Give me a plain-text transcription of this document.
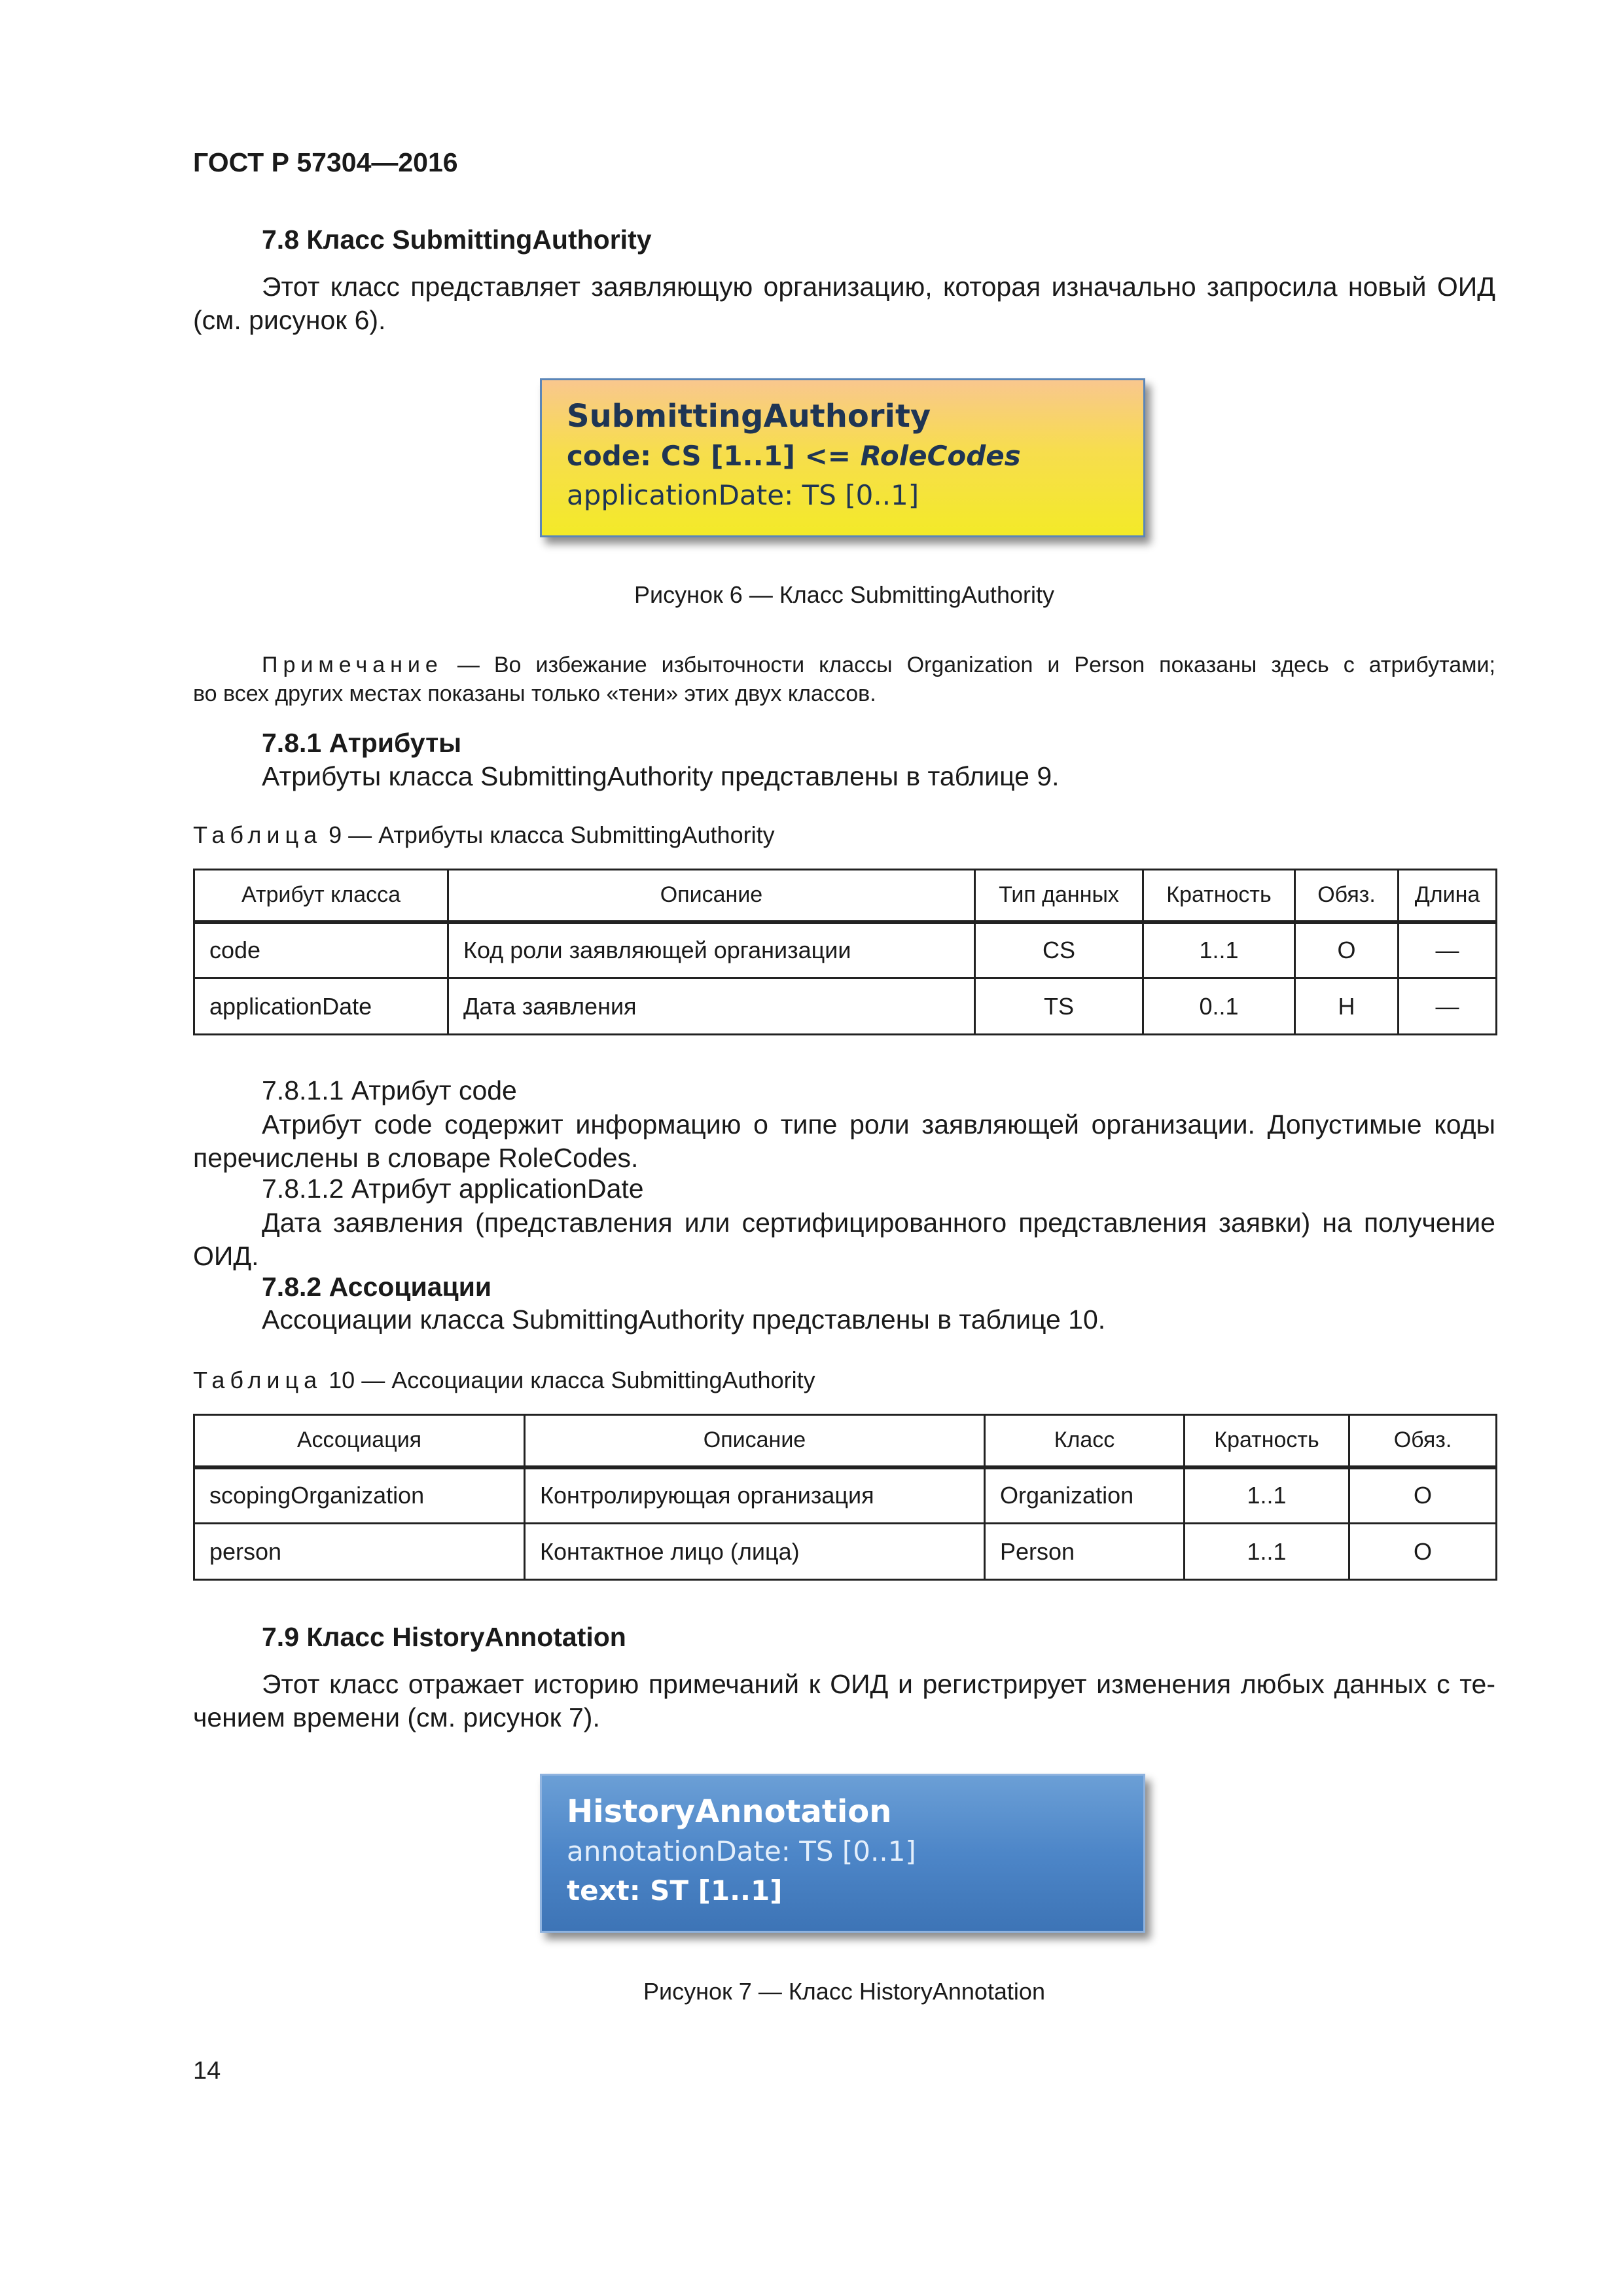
ГОСТ Р 57304—2016
7.8 Класс SubmittingAuthority
Этот класс представляет заявляющую организацию, которая изначально запросила новый ОИД
(см. рисунок 6).
SubmittingAuthority
code: CS [1..1] <= RoleCodes
applicationDate: TS [0..1]
Рисунок 6 — Класс SubmittingAuthority
Примечание — Во избежание избыточности классы Organization и Person показаны здесь с атрибутами;
во всех других местах показаны только «тени» этих двух классов.
7.8.1 Атрибуты
Атрибуты класса SubmittingAuthority представлены в таблице 9.
Таблица 9 — Атрибуты класса SubmittingAuthority
Атрибут класса	Описание	Тип данных	Кратность	Обяз.	Длина
code	Код роли заявляющей организации	CS	1..1	О	—
applicationDate	Дата заявления	TS	0..1	Н	—
7.8.1.1 Атрибут code
Атрибут code содержит информацию о типе роли заявляющей организации. Допустимые коды
перечислены в словаре RoleCodes.
7.8.1.2 Атрибут applicationDate
Дата заявления (представления или сертифицированного представления заявки) на получение
ОИД.
7.8.2 Ассоциации
Ассоциации класса SubmittingAuthority представлены в таблице 10.
Таблица 10 — Ассоциации класса SubmittingAuthority
Ассоциация	Описание	Класс	Кратность	Обяз.
scopingOrganization	Контролирующая организация	Organization	1..1	О
person	Контактное лицо (лица)	Person	1..1	О
7.9 Класс HistoryAnnotation
Этот класс отражает историю примечаний к ОИД и регистрирует изменения любых данных с те-
чением времени (см. рисунок 7).
HistoryAnnotation
annotationDate: TS [0..1]
text: ST [1..1]
Рисунок 7 — Класс HistoryAnnotation
14
